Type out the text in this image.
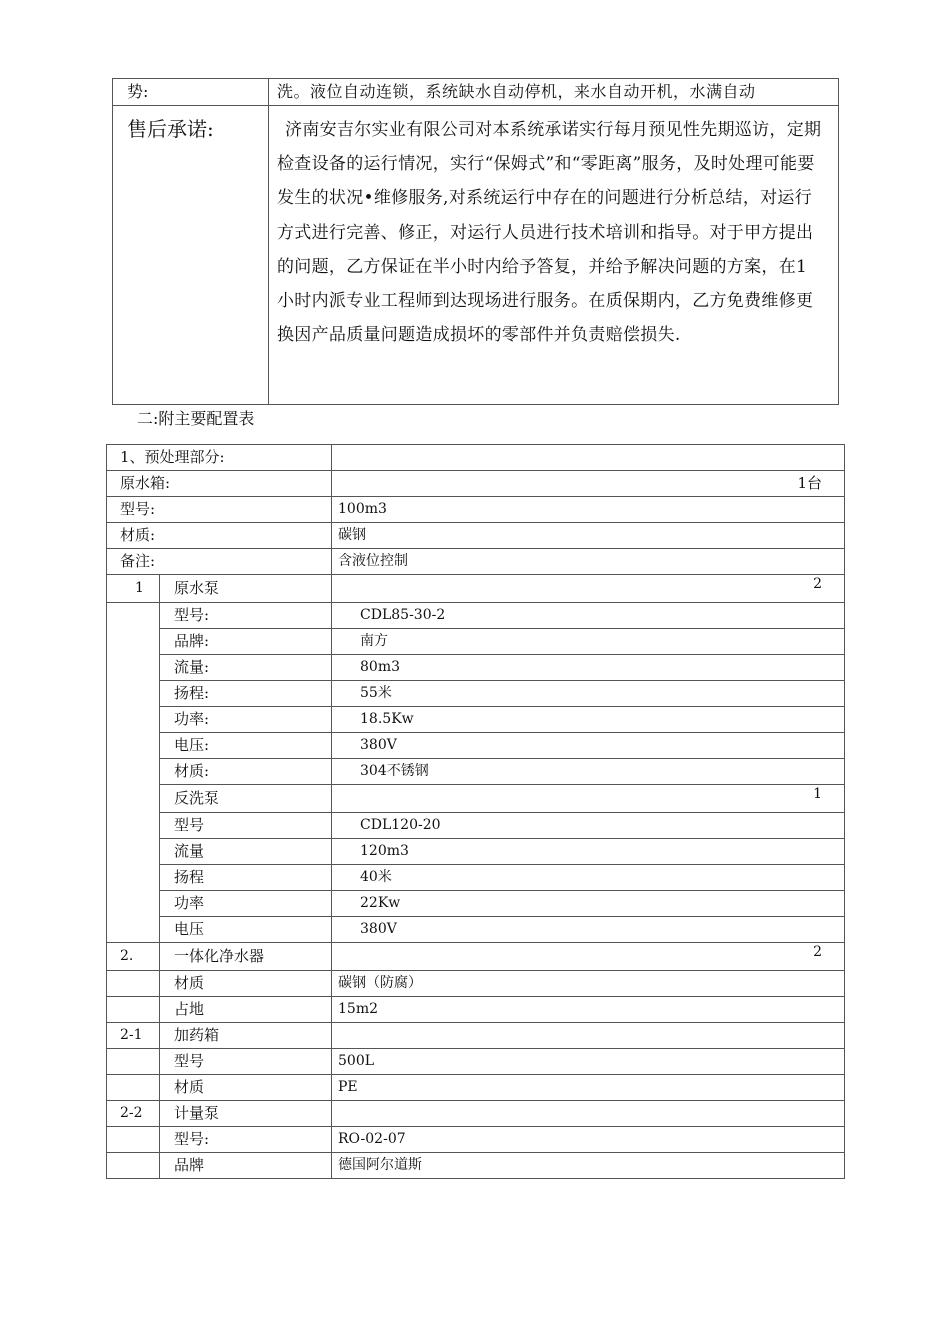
势:	洗。液位自动连锁，系统缺水自动停机，来水自动开机，水满自动
售后承诺:	济南安吉尔实业有限公司对本系统承诺实行每月预见性先期巡访，定期检查设备的运行情况，实行“保姆式”和“零距离”服务，及时处理可能要发生的状况•维修服务,对系统运行中存在的问题进行分析总结，对运行方式进行完善、修正，对运行人员进行技术培训和指导。对于甲方提出的问题，乙方保证在半小时内给予答复，并给予解决问题的方案，在1小时内派专业工程师到达现场进行服务。在质保期内，乙方免费维修更换因产品质量问题造成损坏的零部件并负责赔偿损失.
二:附主要配置表
1、预处理部分:		
原水箱:		1台
型号:		100m3
材质:		碳钢
备注:		含液位控制
1	原水泵	2
	型号:	CDL85-30-2
	品牌:	南方
	流量:	80m3
	扬程:	55米
	功率:	18.5Kw
	电压:	380V
	材质:	304不锈钢
	反洗泵	1
	型号	CDL120-20
	流量	120m3
	扬程	40米
	功率	22Kw
	电压	380V
2.	一体化净水器	2
	材质	碳钢（防腐）
	占地	15m2
2-1	加药箱	
	型号	500L
	材质	PE
2-2	计量泵	
	型号:	RO-02-07
	品牌	德国阿尔道斯
